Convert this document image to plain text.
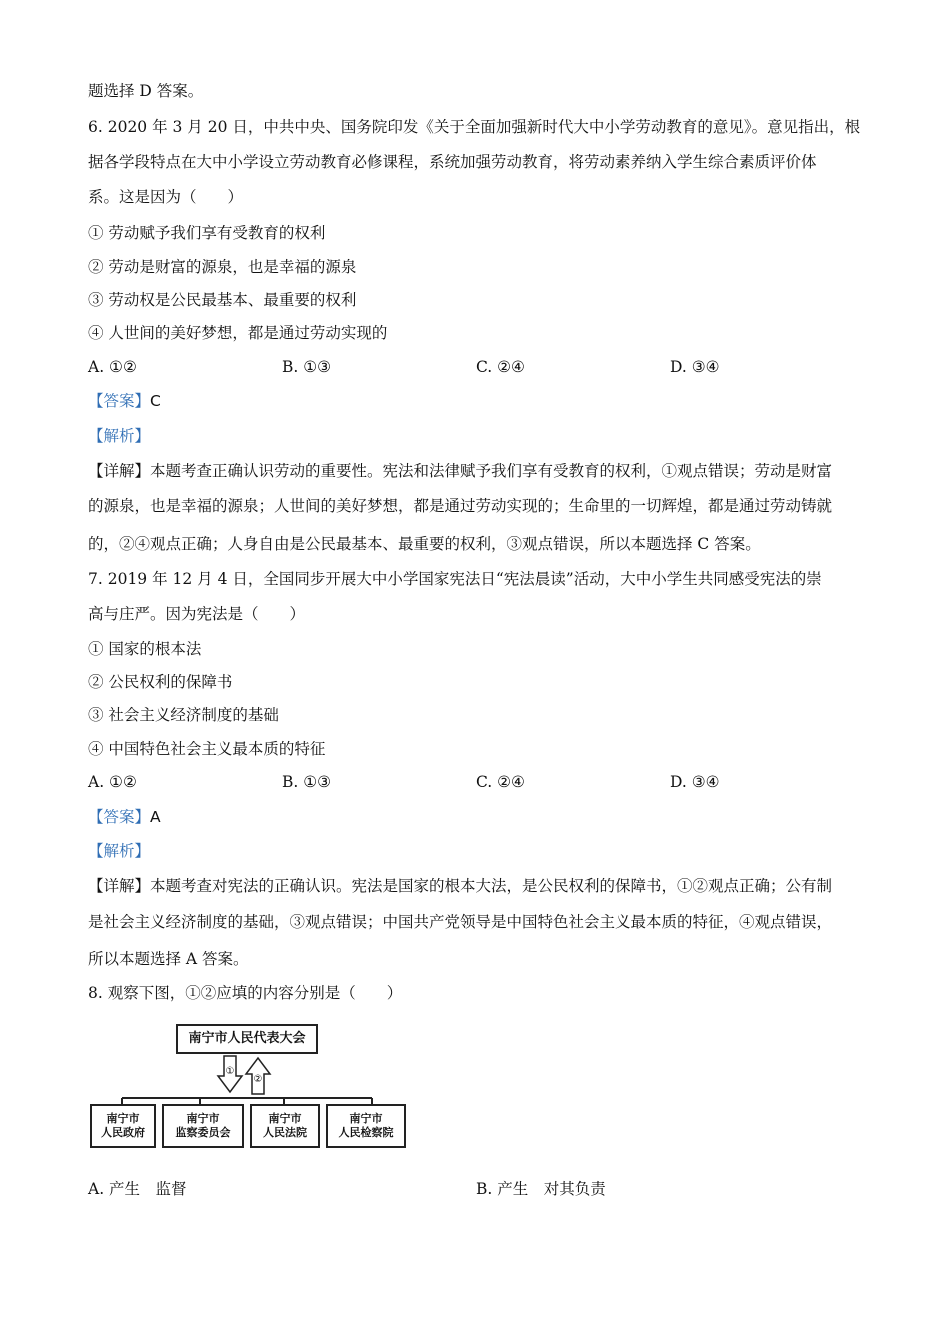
题选择 D 答案。
6. 2020 年 3 月 20 日，中共中央、国务院印发《关于全面加强新时代大中小学劳动教育的意见》。意见指出，根
据各学段特点在大中小学设立劳动教育必修课程，系统加强劳动教育，将劳动素养纳入学生综合素质评价体
系。这是因为（　　）
① 劳动赋予我们享有受教育的权利
② 劳动是财富的源泉，也是幸福的源泉
③ 劳动权是公民最基本、最重要的权利
④ 人世间的美好梦想，都是通过劳动实现的
A. ①②	B. ①③	C. ②④	D. ③④
【答案】C
【解析】
【详解】本题考查正确认识劳动的重要性。宪法和法律赋予我们享有受教育的权利，①观点错误；劳动是财富
的源泉，也是幸福的源泉；人世间的美好梦想，都是通过劳动实现的；生命里的一切辉煌，都是通过劳动铸就
的，②④观点正确；人身自由是公民最基本、最重要的权利，③观点错误，所以本题选择 C 答案。
7. 2019 年 12 月 4 日，全国同步开展大中小学国家宪法日“宪法晨读”活动，大中小学生共同感受宪法的崇
高与庄严。因为宪法是（　　）
① 国家的根本法
② 公民权利的保障书
③ 社会主义经济制度的基础
④ 中国特色社会主义最本质的特征
A. ①②	B. ①③	C. ②④	D. ③④
【答案】A
【解析】
【详解】本题考查对宪法的正确认识。宪法是国家的根本大法，是公民权利的保障书，①②观点正确；公有制
是社会主义经济制度的基础，③观点错误；中国共产党领导是中国特色社会主义最本质的特征，④观点错误，
所以本题选择 A 答案。
8. 观察下图，①②应填的内容分别是（　　）
①
②
南宁市人民代表大会
南宁市
人民政府
南宁市
监察委员会
南宁市
人民法院
南宁市
人民检察院
A. 产生　监督	B. 产生　对其负责
